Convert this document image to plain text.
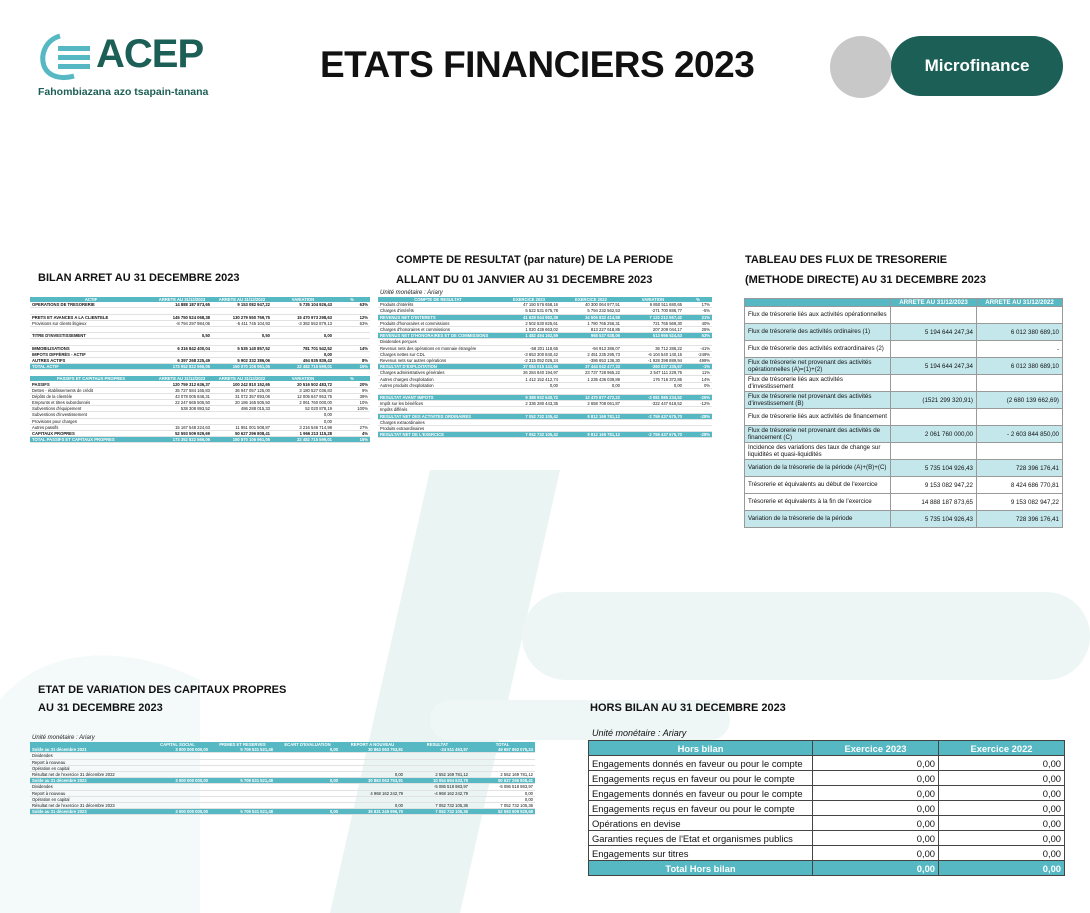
ACEP
Fahombiazana azo tsapain-tanana
ETATS FINANCIERS 2023	Microfinance
BILAN ARRET AU 31 DECEMBRE 2023
ACTIF	ARRETE AU 31/12/2023	ARRETE AU 31/12/2022	VARIATION	%
OPERATIONS DE TRESORERIE	14 888 187 873,65	9 153 082 947,22	5 735 104 926,43	63%

PRETS ET AVANCES A LA CLIENTELE	145 750 524 068,38	130 279 550 769,75	15 470 973 298,63	12%
Provisions sur clients litigieux	-8 794 297 984,06	-5 411 745 104,93	-3 382 552 879,13	63%

TITRE D'INVESTISSEMENT	0,50	0,50	0,00	

IMMOBILISATIONS	6 316 842 400,04	5 535 140 857,52	781 701 542,52	14%
IMPOTS DIFFÉRÉS - ACTIF			0,00	
AUTRES ACTIFS	6 397 268 225,49	5 902 332 386,06	494 935 839,43	8%
TOTAL ACTIF	173 952 822 566,06	150 070 106 961,05	22 482 715 599,01	15%
PASSIFS ET CAPITAUX PROPRES	ARRETE AU 31/12/2023	ARRETE AU 31/12/2022	VARIATION	%
PASSIFS	120 759 312 636,37	100 242 810 152,65	20 516 502 483,72	20%
Dettes - établissements de crédit	35 727 584 165,83	36 947 057 125,00	3 180 527 036,83	9%
Dépôts de la clientèle	43 078 005 846,31	31 072 357 893,06	12 005 647 953,75	39%
Emprunts et titres subordonnés	22 247 665 505,50	20 186 165 505,50	2 061 760 000,00	10%
Subventions d'équipement	538 308 893,52	486 288 015,33	52 020 878,19	100%
Subventions d'investissement			0,00	
Provisions pour charges			0,00	
Autres passifs	15 167 548 224,63	11 951 001 508,87	3 216 546 714,98	27%
CAPITAUX PROPRES	52 593 509 929,69	50 627 296 808,41	1 966 213 115,28	4%
TOTAL PASSIFS ET CAPITAUX PROPRES	173 352 822 566,06	150 870 106 961,05	22 482 715 599,01	15%
COMPTE DE RESULTAT (par nature) DE LA PERIODE
ALLANT DU 01 JANVIER AU 31 DECEMBRE 2023
Unité monétaire : Ariary
COMPTE DE RESULTAT	EXERCICE 2023	EXERCICE 2022	VARIATION	%
Produits d'intérêts	47 150 576 658,16	40 300 064 977,51	6 850 511 680,65	17%
Charges d'intérêts	5 522 531 675,78	5 794 232 562,53	-271 700 886,77	-5%
REVENUS NET D'INTERETS	41 628 044 982,38	34 505 832 414,98	7 122 212 567,42	21%
Produits d'honoraires et commissions	2 502 530 825,61	1 780 765 256,31	721 765 569,30	40%
Charges d'honoraires et commissions	1 020 436 663,02	813 227 618,85	207 209 044,17	25%
REVENUS NET D'HONORAIRES ET DE COMMISSIONS	1 482 494 162,59	968 537 638,06	513 956 524,53	53%
Dividendes perçues				
Revenus nets des opérations en monnaie étrangère	-58 201 118,65	-94 913 386,07	36 712 286,22	-41%
Charges nettes sur CDL	-3 653 300 840,42	2 451 235 295,73	-6 104 540 140,15	-249%
Revenus nets sur autres opérations	-2 315 052 026,24	-386 653 136,30	-1 928 398 889,94	499%
RESULTAT D'EXPLOITATION	37 084 015 141,66	37 444 042 477,33	-360 027 335,67	-1%
Charges administratives générales	26 284 840 194,97	23 737 728 965,22	2 547 111 229,75	11%
Autres charges d'exploitation	1 412 152 412,74	1 235 436 039,89	176 716 372,85	14%
Autres produits d'exploitation	0,00	0,00	0,00	0%

RESULTAT AVANT IMPOTS	9 388 932 540,72	12 470 877 472,22	-3 081 985 234,52	-25%
Impôt sur les bénéfices	2 336 280 443,35	2 658 708 061,87	-322 447 618,52	-12%
Impôts différés				
RESULTAT NET DES ACTIVITES ORDINAIRES	7 052 732 105,42	9 812 169 781,12	-2 759 437 675,70	-28%
Charges extraordinaires				
Produits extraordinaires				
RESULTAT NET DE L'EXERCICE	7 052 732 105,42	9 812 169 781,12	-2 759 437 675,70	-28%
TABLEAU DES FLUX DE TRESORERIE
(METHODE DIRECTE) AU 31 DECEMBRE 2023
	ARRETE AU 31/12/2023	ARRETE AU 31/12/2022
Flux de trésorerie liés aux activités opérationnelles		
Flux de trésorerie des activités ordinaires (1)	5 194 644 247,34	6 012 380 689,10
Flux de trésorerie des activités extraordinaires (2)		-
Flux de trésorerie net provenant des activités opérationnelles (A)=(1)+(2)	5 194 644 247,34	6 012 380 689,10
Flux de trésorerie liés aux activités d'investissement		
Flux de trésorerie net provenant des activités d'investissement (B)	(1521 299 320,91)	(2 680 139 662,69)
Flux de trésorerie liés aux activités de financement		
Flux de trésorerie net provenant des activités de financement (C)	2 061 760 000,00	- 2 603 844 850,00
Incidence des variations des taux de change sur liquidités et quasi-liquidités		
Variation de la trésorerie de la période (A)+(B)+(C)	5 735 104 926,43	728 396 176,41
Trésorerie et équivalents au début de l'exercice	9 153 082 947,22	8 424 686 770,81
Trésorerie et équivalents à la fin de l'exercice	14 888 187 873,65	9 153 082 947,22
Variation de la trésorerie de la période	5 735 104 926,43	728 396 176,41
ETAT DE VARIATION DES CAPITAUX PROPRES
AU 31 DECEMBRE 2023
Unité monétaire : Ariary
	CAPITAL SOCIAL	PRIMES ET RESERVES	ECART D'EVALUATION	REPORT A NOUVEAU	RESULTAT	TOTAL
Solde au 31 décembre 2021	3 000 000 000,00	5 709 531 521,48	0,00	30 863 063 753,91	-24 511 453,97	49 657 652 075,24
Dividendes						
Report à nouveau						
Opération en capital						
Résultat net de l'exercice 31 décembre 2022				0,00	2 552 169 781,12	2 552 169 781,12
Solde au 31 décembre 2022	3 000 000 000,00	5 709 531 521,48	0,00	30 863 063 753,91	10 054 694 633,79	50 627 296 808,41
Dividendes					-5 086 518 983,97	-5 086 518 983,97
Report à nouveau				4 968 162 242,79	-4 968 162 242,79	0,00
Opération en capital						0,00
Résultat net de l'exercice 31 décembre 2023				0,00	7 052 732 105,36	7 052 732 105,36
Solde au 31 décembre 2023	3 000 000 000,00	5 709 531 521,48	0,00	35 831 245 996,70	7 052 732 105,36	52 593 509 929,69
HORS BILAN AU 31 DECEMBRE 2023
Unité monétaire : Ariary
Hors bilan	Exercice 2023	Exercice 2022
Engagements donnés en faveur ou pour le compte	0,00	0,00
Engagements reçus en faveur ou pour le compte	0,00	0,00
Engagements donnés en faveur ou pour le compte	0,00	0,00
Engagements reçus en faveur ou pour le compte	0,00	0,00
Opérations en devise	0,00	0,00
Garanties reçues de l'Etat et organismes publics	0,00	0,00
Engagements sur titres	0,00	0,00
Total Hors bilan	0,00	0,00
